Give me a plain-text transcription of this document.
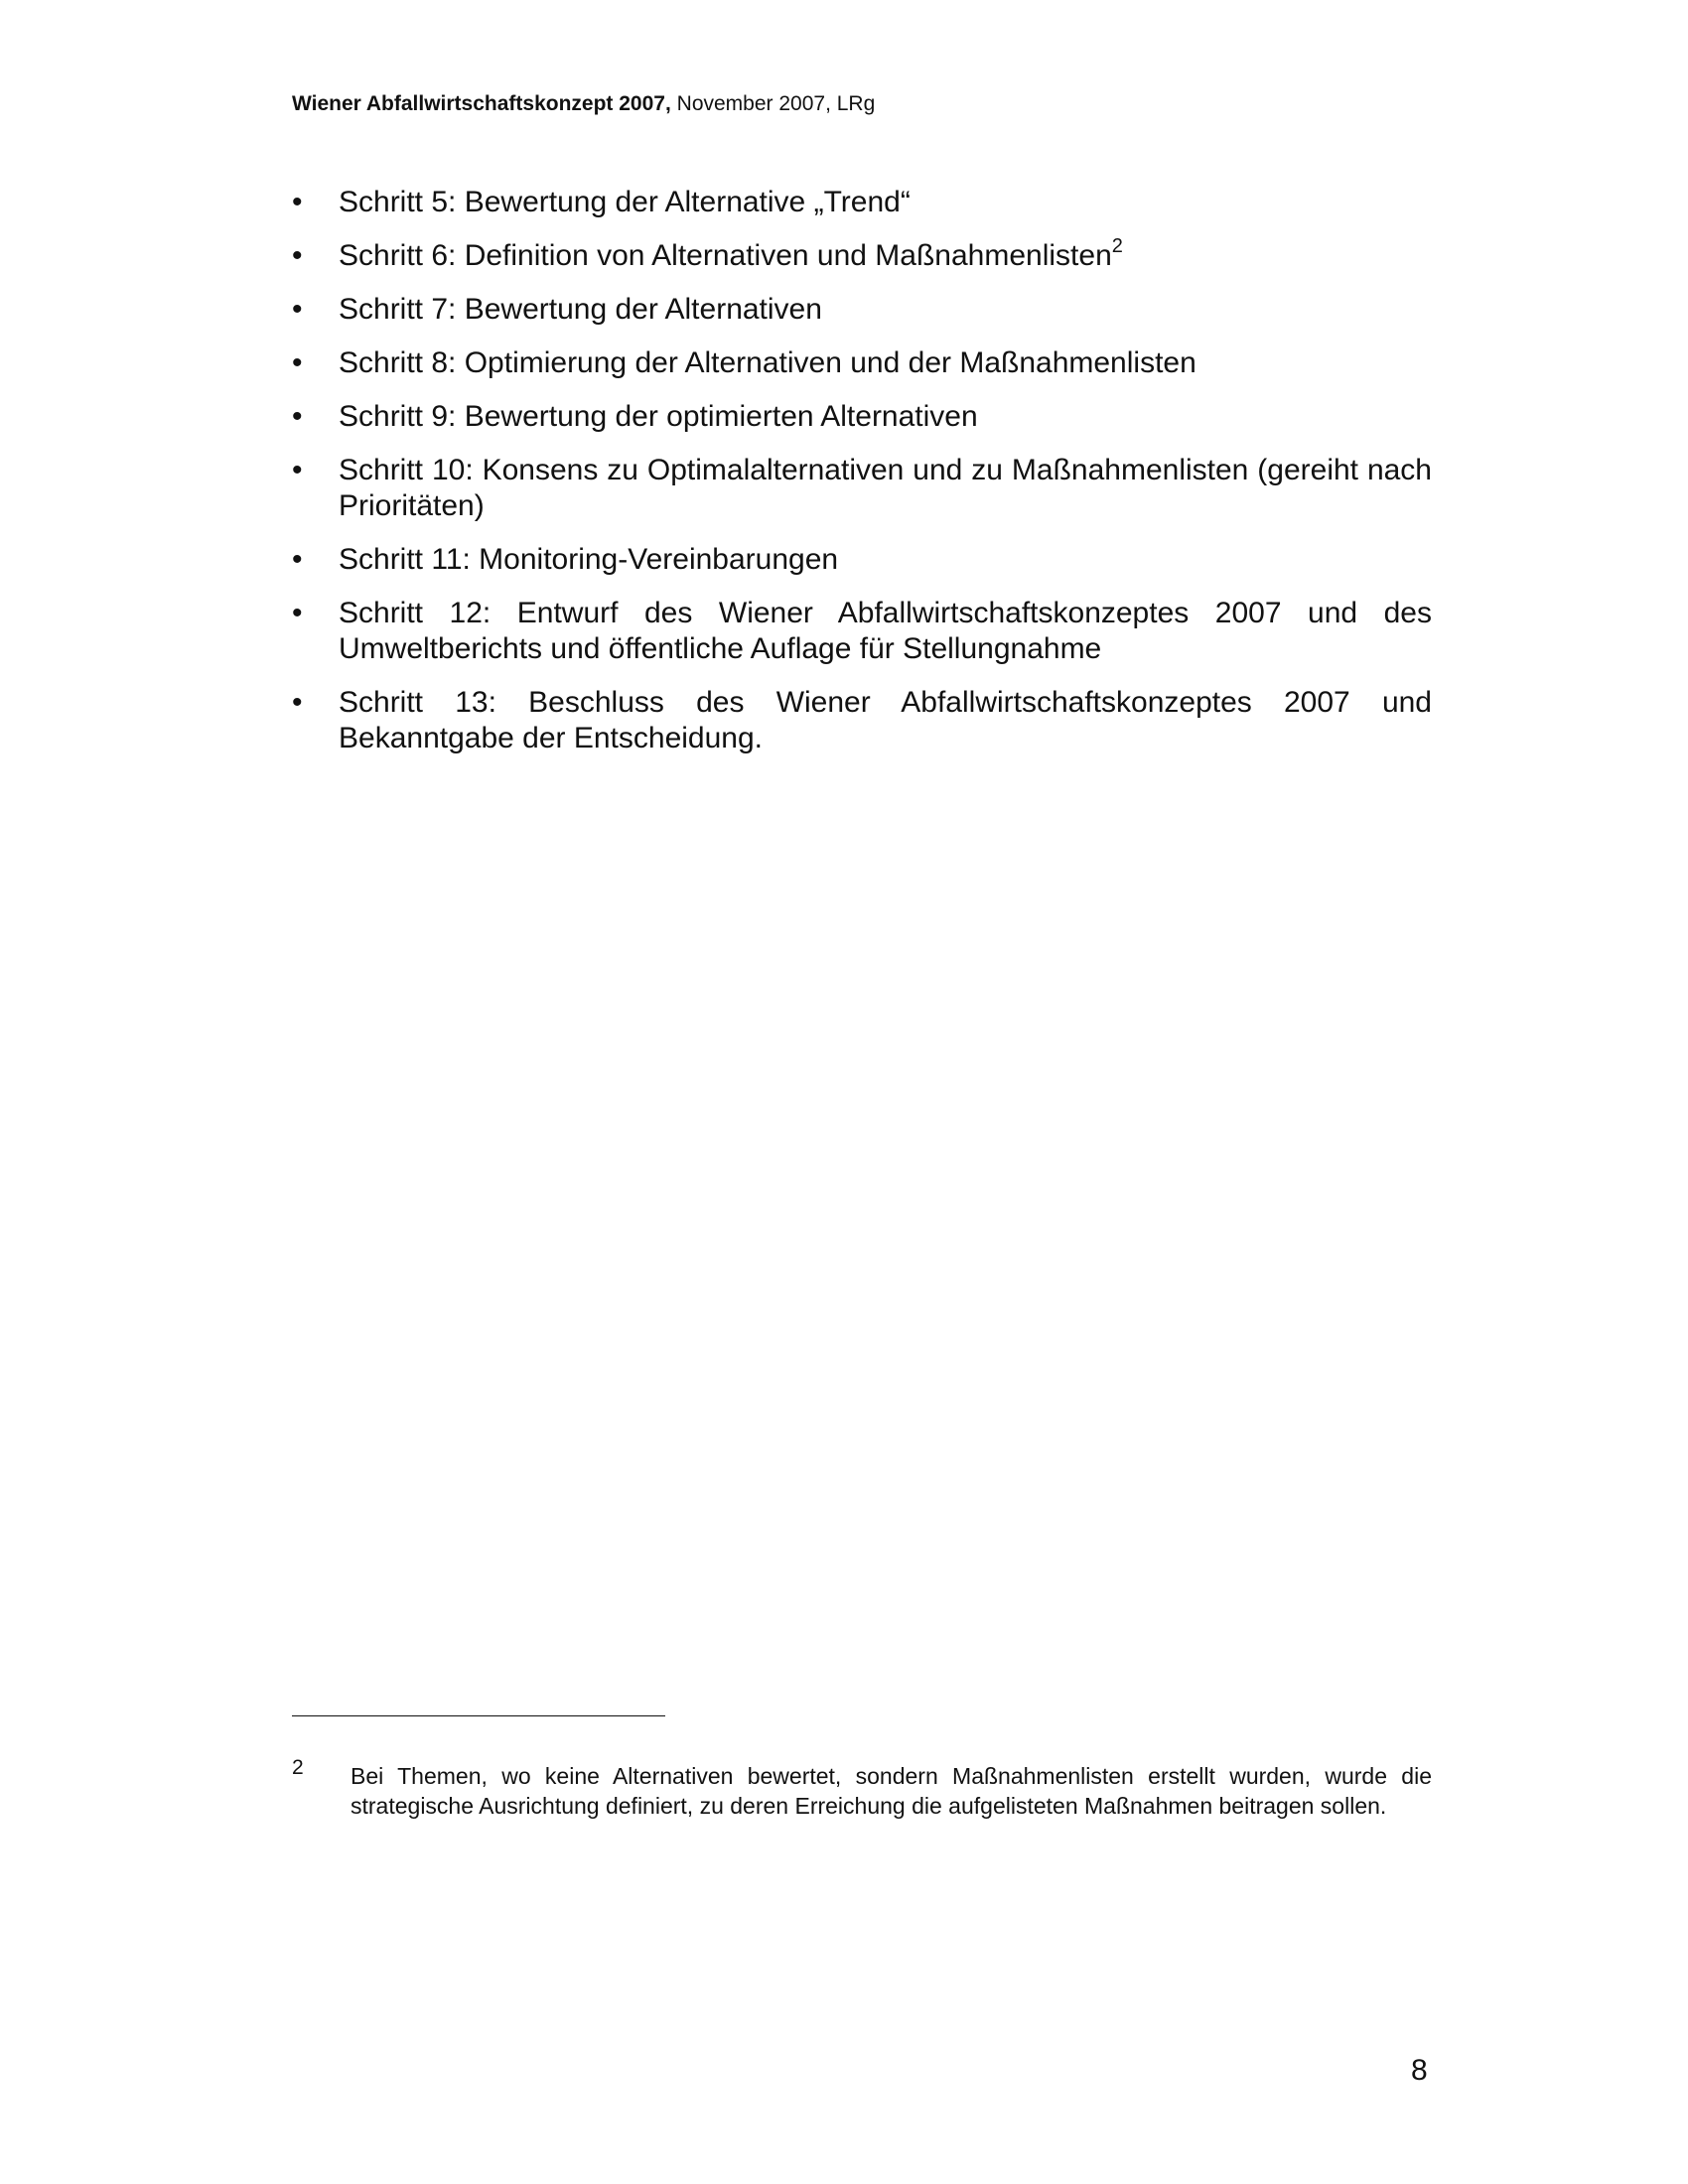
Wiener Abfallwirtschaftskonzept 2007, November 2007, LRg
• Schritt 5: Bewertung der Alternative „Trend“
• Schritt 6: Definition von Alternativen und Maßnahmenlisten$^2$
• Schritt 7: Bewertung der Alternativen
• Schritt 8: Optimierung der Alternativen und der Maßnahmenlisten
• Schritt 9: Bewertung der optimierten Alternativen
• Schritt 10: Konsens zu Optimalalternativen und zu Maßnahmenlisten (gereiht nach Prioritäten)
• Schritt 11: Monitoring-Vereinbarungen
• Schritt 12: Entwurf des Wiener Abfallwirtschaftskonzeptes 2007 und des Umweltberichts und öffentliche Auflage für Stellungnahme
• Schritt 13: Beschluss des Wiener Abfallwirtschaftskonzeptes 2007 und Bekanntgabe der Entscheidung.
2 Bei Themen, wo keine Alternativen bewertet, sondern Maßnahmenlisten erstellt wurden, wurde die strategische Ausrichtung definiert, zu deren Erreichung die aufgelisteten Maßnahmen beitragen sollen.
8
